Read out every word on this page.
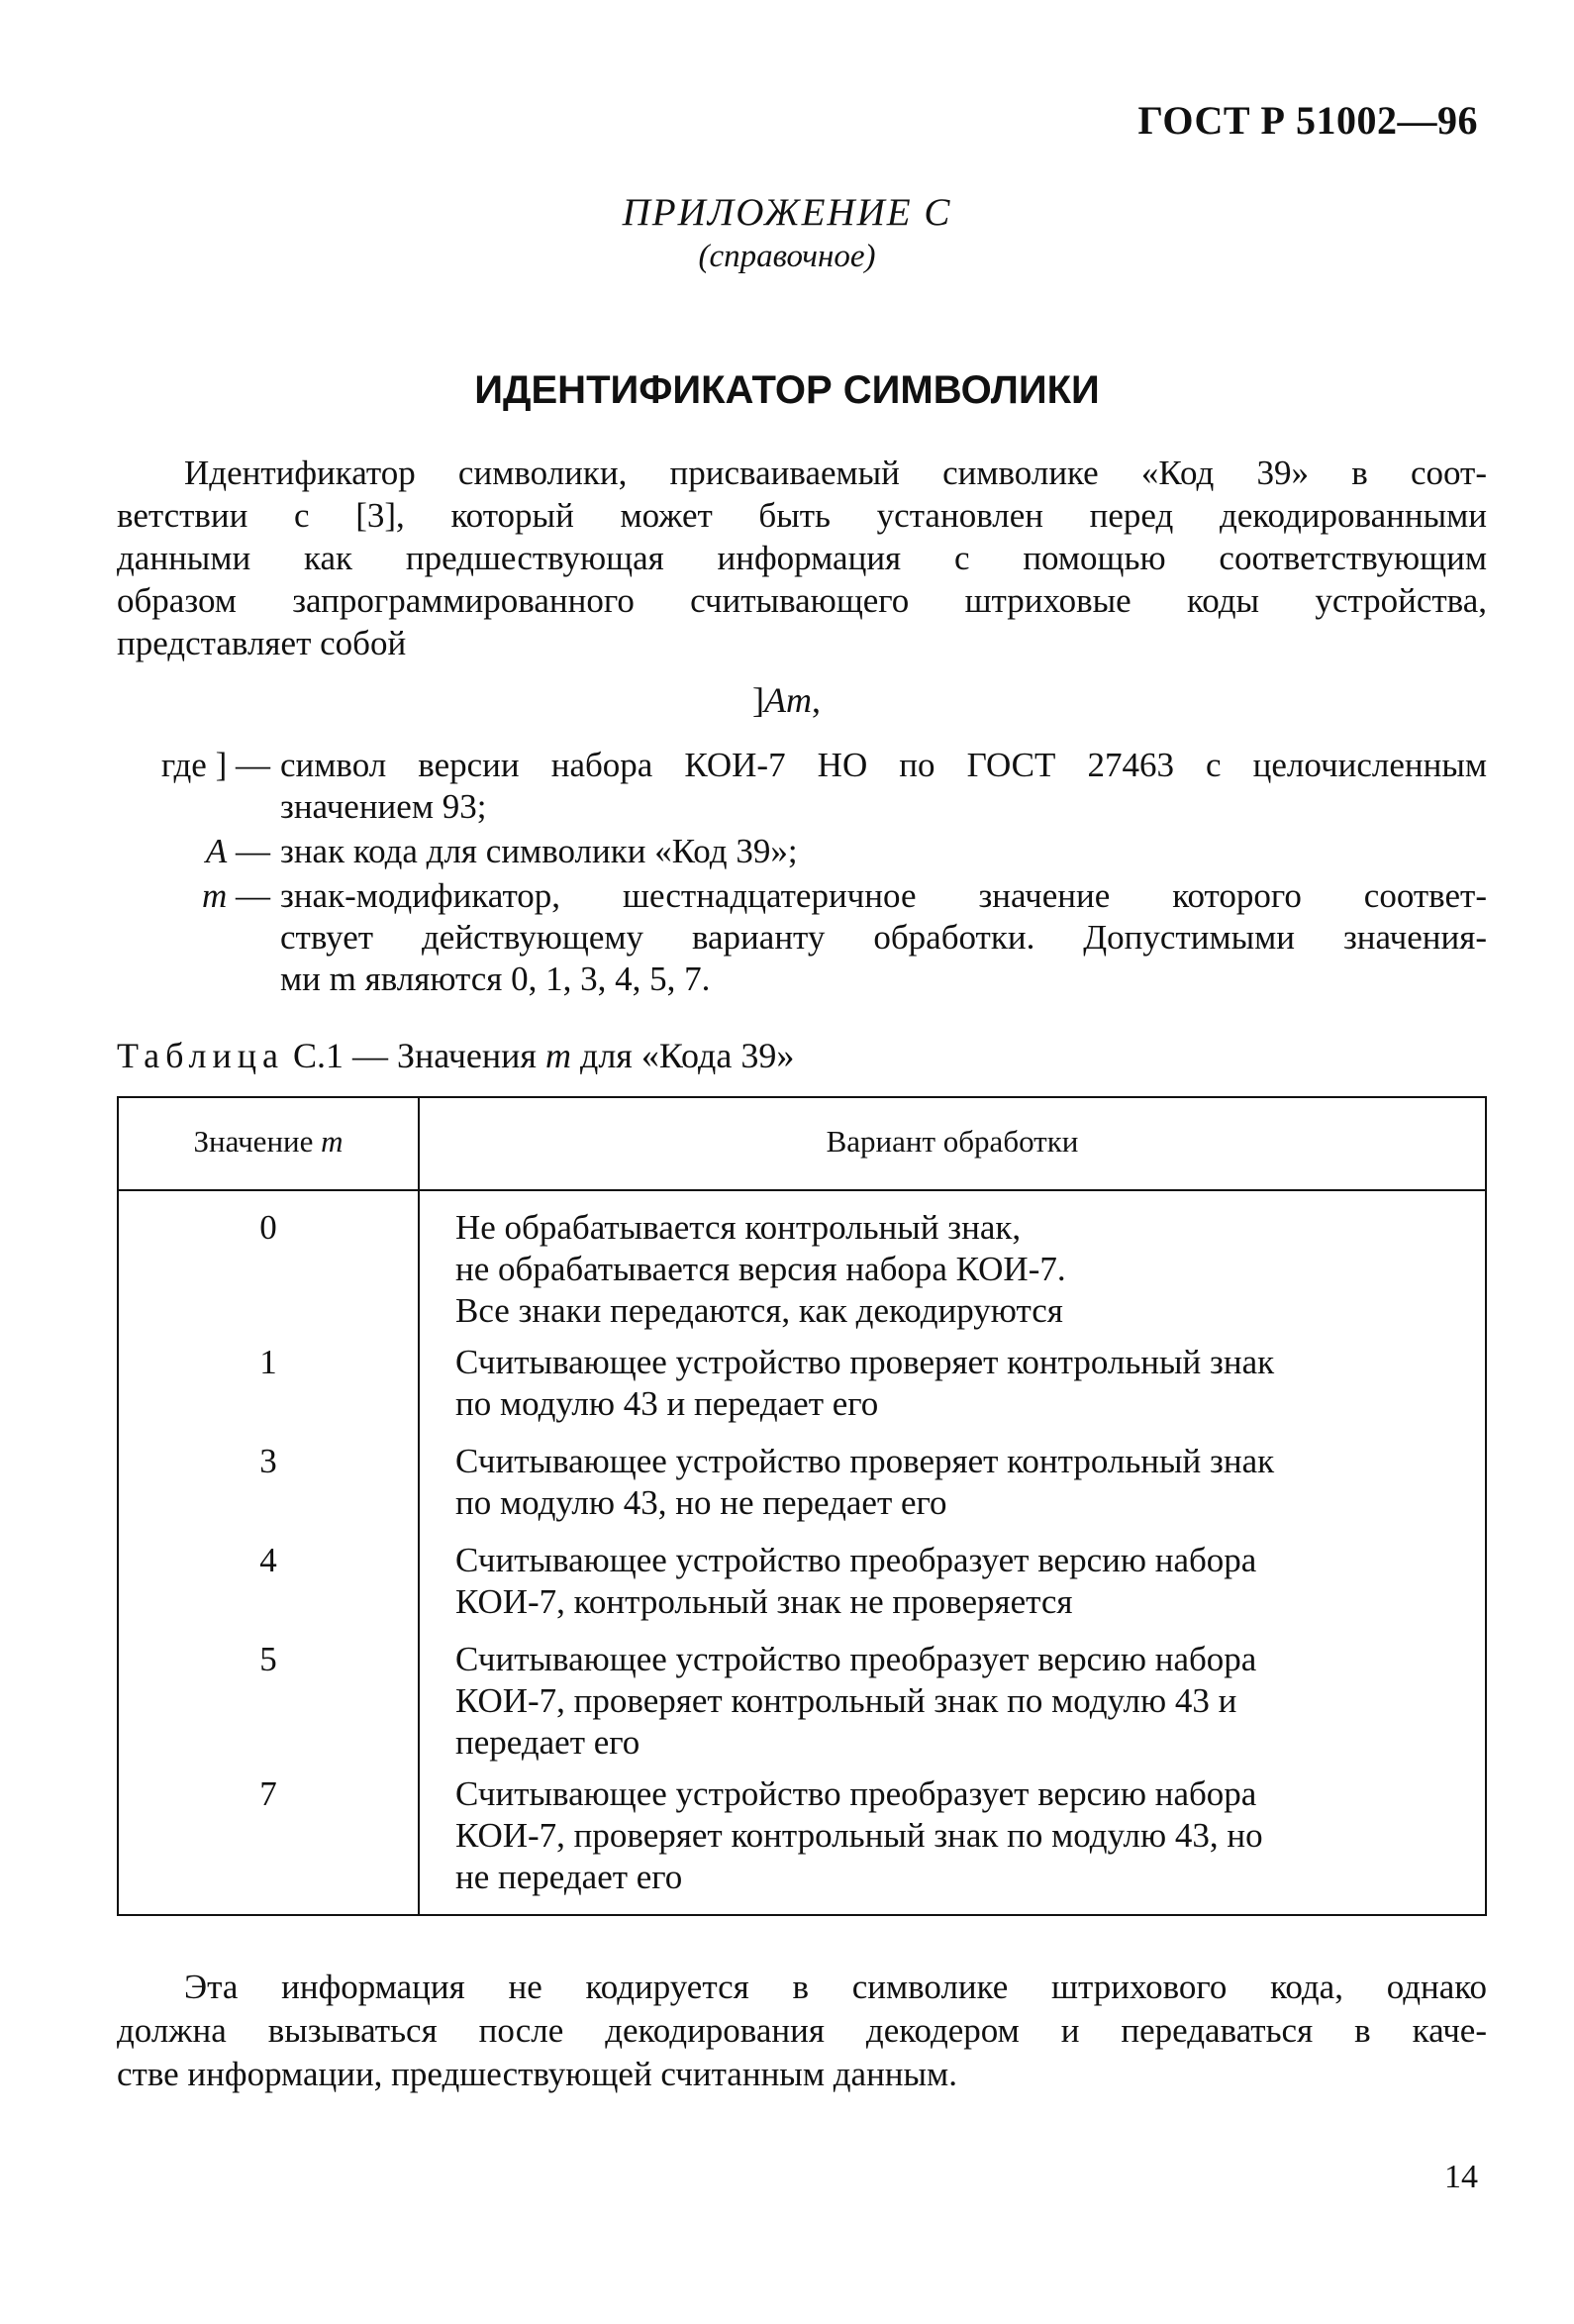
ГОСТ Р 51002—96
ПРИЛОЖЕНИЕ С
(справочное)
ИДЕНТИФИКАТОР СИМВОЛИКИ
Идентификатор символики, присваиваемый символике «Код 39» в соот-
ветствии с [3], который может быть установлен перед декодированными
данными как предшествующая информация с помощью соответствующим
образом запрограммированного считывающего штриховые коды устройства,
представляет собой
]Am,
где ] — символ версии набора КОИ-7 НО по ГОСТ 27463 с целочисленным
значением 93;
A — знак кода для символики «Код 39»;
m — знак-модификатор, шестнадцатеричное значение которого соответ-
ствует действующему варианту обработки. Допустимыми значения-
ми m являются 0, 1, 3, 4, 5, 7.
Таблица С.1 — Значения m для «Кода 39»
Значение m	Вариант обработки
0	Не обрабатывается контрольный знак,
не обрабатывается версия набора КОИ-7.
Все знаки передаются, как декодируются
1	Считывающее устройство проверяет контрольный знак
по модулю 43 и передает его
3	Считывающее устройство проверяет контрольный знак
по модулю 43, но не передает его
4	Считывающее устройство преобразует версию набора
КОИ-7, контрольный знак не проверяется
5	Считывающее устройство преобразует версию набора
КОИ-7, проверяет контрольный знак по модулю 43 и
передает его
7	Считывающее устройство преобразует версию набора
КОИ-7, проверяет контрольный знак по модулю 43, но
не передает его
Эта информация не кодируется в символике штрихового кода, однако
должна вызываться после декодирования декодером и передаваться в каче-
стве информации, предшествующей считанным данным.
14
